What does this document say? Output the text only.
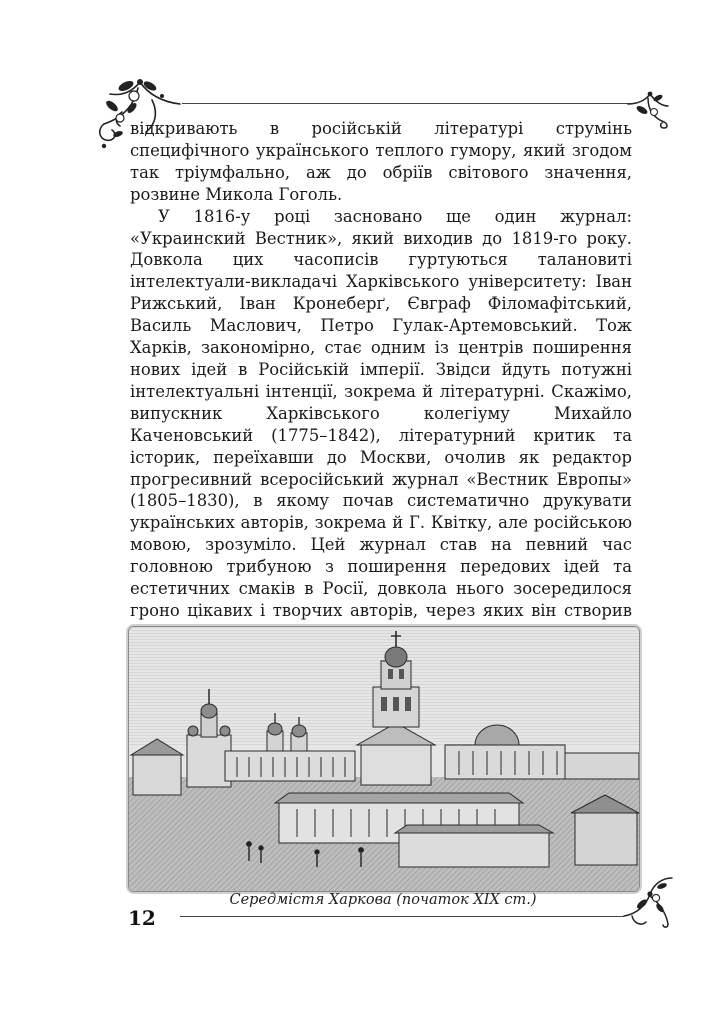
відкривають в російській літературі струмінь специфічного українського теплого гумору, який згодом так тріумфально, аж до обріїв світового значення, розвине Микола Гоголь.

У 1816-у році засновано ще один журнал: «Украинский Вестник», який виходив до 1819-го року. Довкола цих часописів гуртуються талановиті інтелектуали-викладачі Харківського університету: Іван Рижський, Іван Кронеберґ, Євграф Філомафітський, Василь Маслович, Петро Гулак-Артемовський. Тож Харків, закономірно, стає одним із центрів поширення нових ідей в Російській імперії. Звідси йдуть потужні інтелектуальні інтенції, зокрема й літературні. Скажімо, випускник Харківського колегіуму Михайло Каченовський (1775–1842), літературний критик та історик, переїхавши до Москви, очолив як редактор прогресивний всеросійський журнал «Вестник Европы» (1805–1830), в якому почав систематично друкувати українських авторів, зокрема й Г. Квітку, але російською мовою, зрозуміло. Цей журнал став на певний час головною трибуною з поширення передових ідей та естетичних смаків в Росії, довкола нього зосередилося гроно цікавих і творчих авторів, через яких він створив

Середмістя Харкова (початок XIX ст.)
12
